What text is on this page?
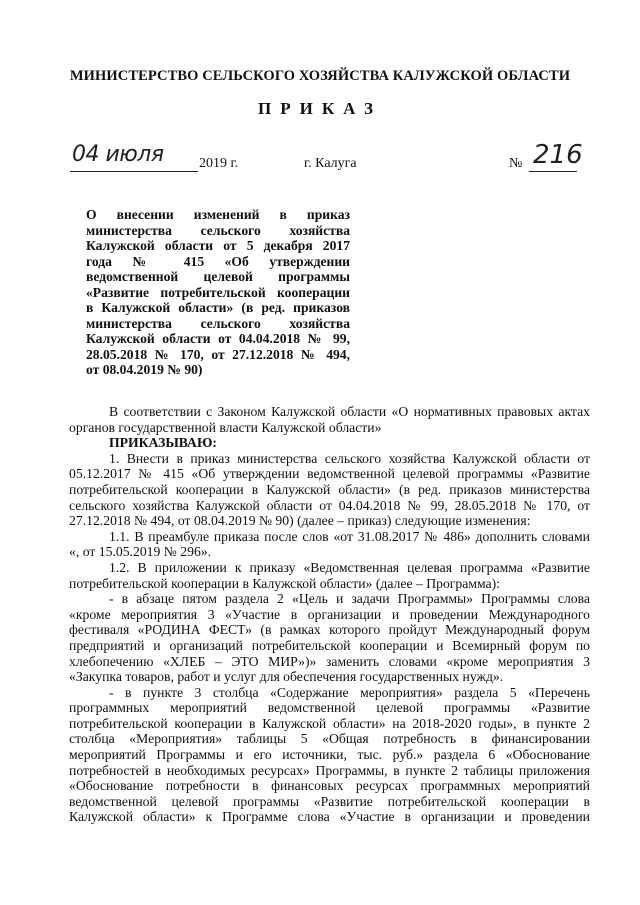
МИНИСТЕРСТВО СЕЛЬСКОГО ХОЗЯЙСТВА КАЛУЖСКОЙ ОБЛАСТИ
ПРИКАЗ
04 июля	2019 г.	г. Калуга	№ 216
О внесении изменений в приказ
министерства сельского хозяйства
Калужской области от 5 декабря 2017
года № 415 «Об утверждении
ведомственной целевой программы
«Развитие потребительской кооперации
в Калужской области» (в ред. приказов
министерства сельского хозяйства
Калужской области от 04.04.2018 № 99,
28.05.2018 № 170, от 27.12.2018 № 494,
от 08.04.2019 № 90)
В соответствии с Законом Калужской области «О нормативных правовых актах
органов государственной власти Калужской области»
ПРИКАЗЫВАЮ:
1. Внести в приказ министерства сельского хозяйства Калужской области от
05.12.2017 № 415 «Об утверждении ведомственной целевой программы «Развитие
потребительской кооперации в Калужской области» (в ред. приказов министерства
сельского хозяйства Калужской области от 04.04.2018 № 99, 28.05.2018 № 170, от
27.12.2018 № 494, от 08.04.2019 № 90) (далее – приказ) следующие изменения:
1.1. В преамбуле приказа после слов «от 31.08.2017 № 486» дополнить словами
«, от 15.05.2019 № 296».
1.2. В приложении к приказу «Ведомственная целевая программа «Развитие
потребительской кооперации в Калужской области» (далее – Программа):
- в абзаце пятом раздела 2 «Цель и задачи Программы» Программы слова
«кроме мероприятия 3 «Участие в организации и проведении Международного
фестиваля «РОДИНА ФЕСТ» (в рамках которого пройдут Международный форум
предприятий и организаций потребительской кооперации и Всемирный форум по
хлебопечению «ХЛЕБ – ЭТО МИР»)» заменить словами «кроме мероприятия 3
«Закупка товаров, работ и услуг для обеспечения государственных нужд».
- в пункте 3 столбца «Содержание мероприятия» раздела 5 «Перечень
программных мероприятий ведомственной целевой программы «Развитие
потребительской кооперации в Калужской области» на 2018-2020 годы», в пункте 2
столбца «Мероприятия» таблицы 5 «Общая потребность в финансировании
мероприятий Программы и его источники, тыс. руб.» раздела 6 «Обоснование
потребностей в необходимых ресурсах» Программы, в пункте 2 таблицы приложения
«Обоснование потребности в финансовых ресурсах программных мероприятий
ведомственной целевой программы «Развитие потребительской кооперации в
Калужской области» к Программе слова «Участие в организации и проведении
